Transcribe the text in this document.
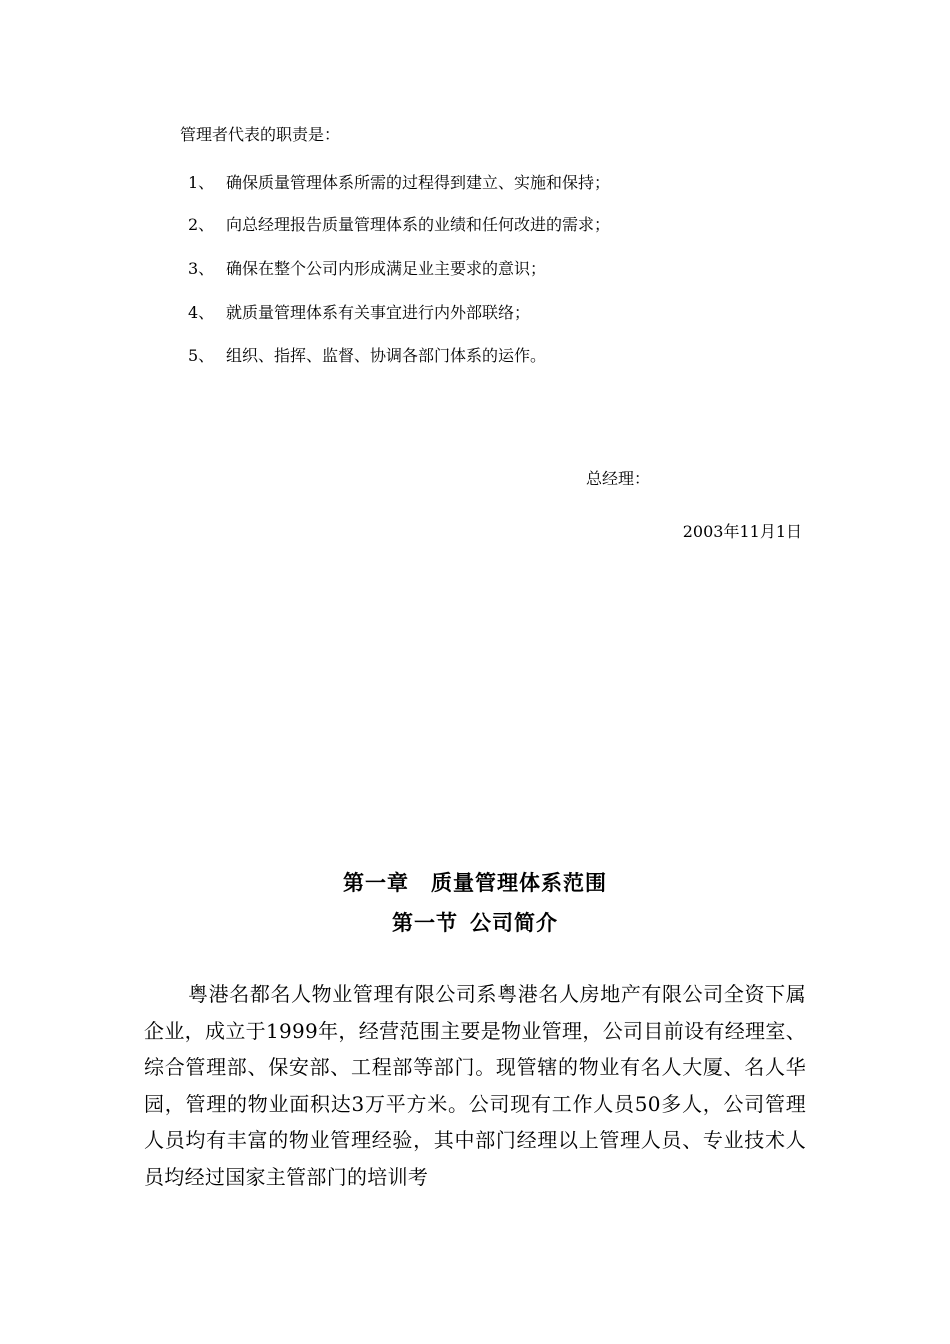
管理者代表的职责是：
1、 确保质量管理体系所需的过程得到建立、实施和保持；
2、 向总经理报告质量管理体系的业绩和任何改进的需求；
3、 确保在整个公司内形成满足业主要求的意识；
4、 就质量管理体系有关事宜进行内外部联络；
5、 组织、指挥、监督、协调各部门体系的运作。
总经理：
2003年11月1日
第一章 质量管理体系范围
第一节 公司简介
粤港名都名人物业管理有限公司系粤港名人房地产有限公司全资下属企业，成立于1999年，经营范围主要是物业管理，公司目前设有经理室、综合管理部、保安部、工程部等部门。现管辖的物业有名人大厦、名人华园，管理的物业面积达3万平方米。公司现有工作人员50多人，公司管理人员均有丰富的物业管理经验，其中部门经理以上管理人员、专业技术人员均经过国家主管部门的培训考
